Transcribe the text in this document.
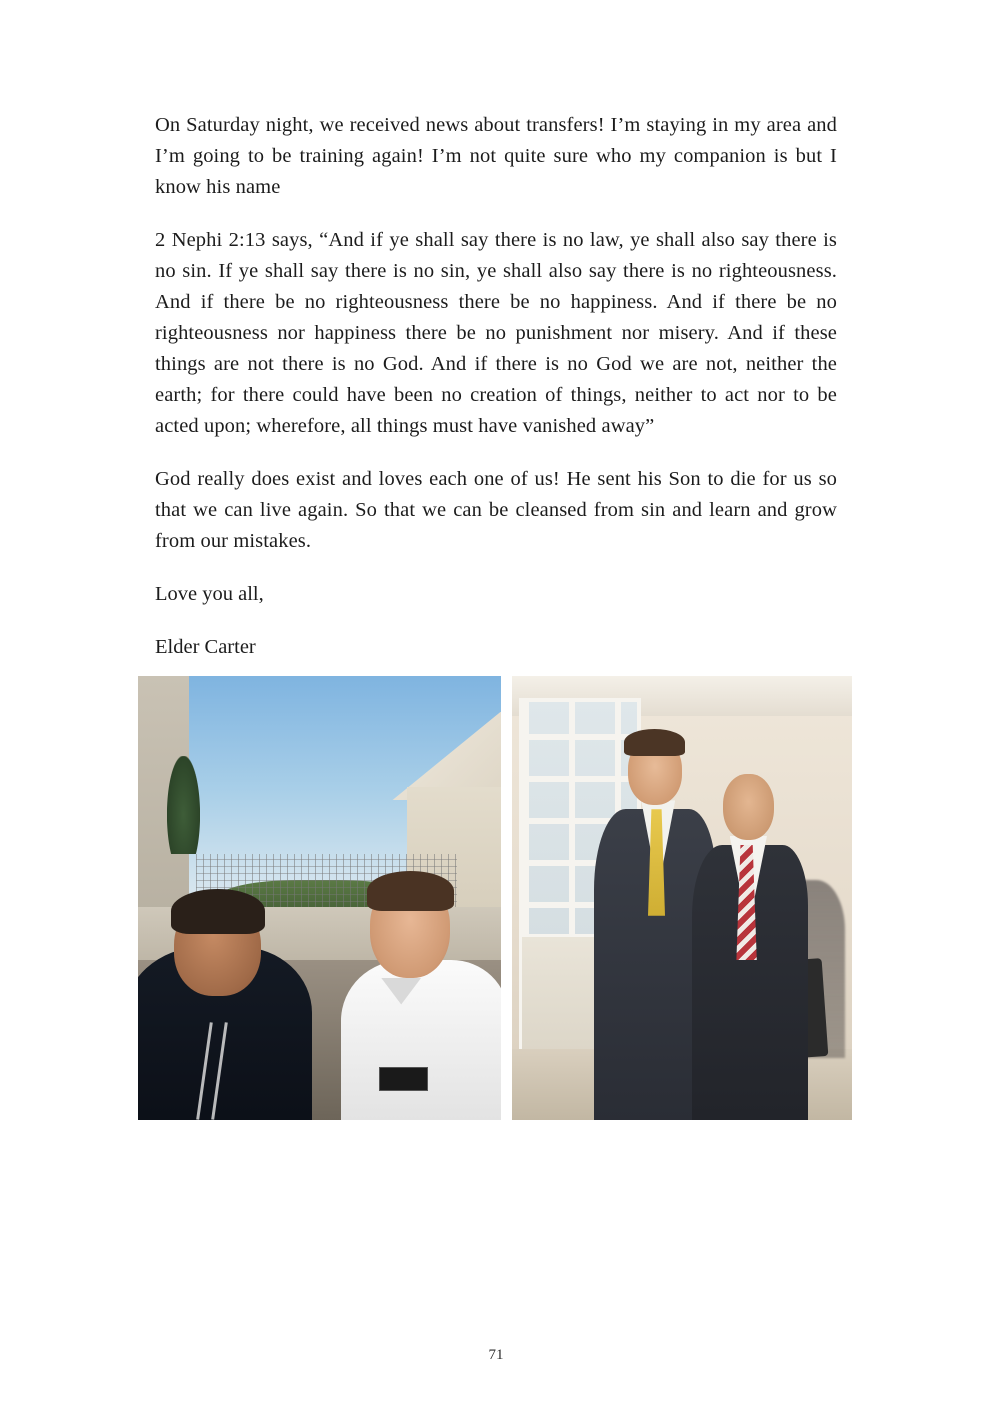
On Saturday night, we received news about transfers! I’m staying in my area and I’m going to be training again! I’m not quite sure who my companion is but I know his name

2 Nephi 2:13 says, “And if ye shall say there is no law, ye shall also say there is no sin. If ye shall say there is no sin, ye shall also say there is no righteousness. And if there be no righteousness there be no happiness. And if there be no righteousness nor happiness there be no punishment nor misery. And if these things are not there is no God. And if there is no God we are not, neither the earth; for there could have been no creation of things, neither to act nor to be acted upon; wherefore, all things must have vanished away”

God really does exist and loves each one of us! He sent his Son to die for us so that we can live again. So that we can be cleansed from sin and learn and grow from our mistakes.

Love you all,

Elder Carter

71
